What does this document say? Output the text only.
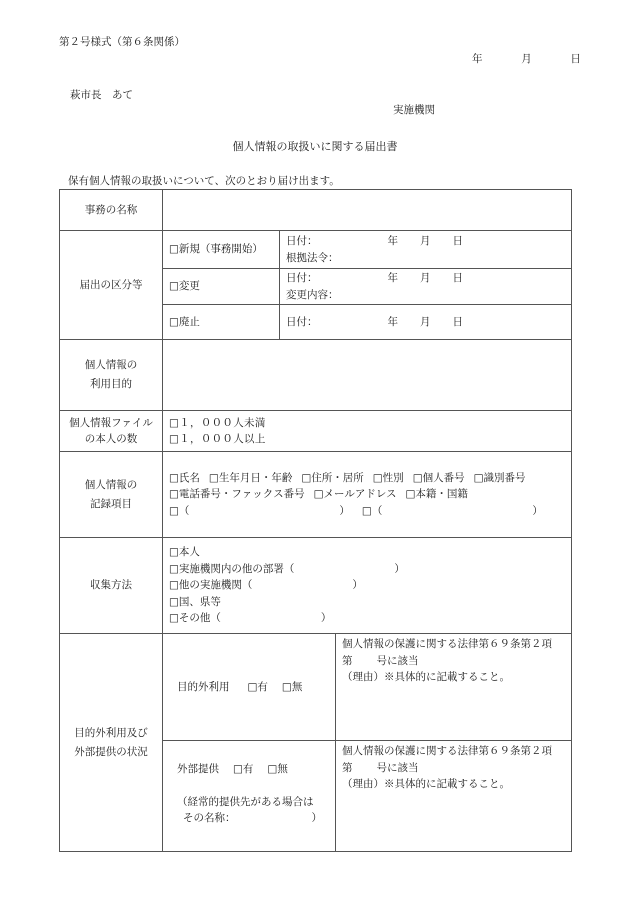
第２号様式（第６条関係）
年	月	日
萩市長　あて
実施機関
個人情報の取扱いに関する届出書
保有個人情報の取扱いについて、次のとおり届け出ます。
事務の名称			
届出の区分等	□新規（事務開始）	日付： 年 月 日
根拠法令：	

	□変更	日付： 年 月 日
変更内容：	

	□廃止	日付： 年 月 日	

個人情報の
利用目的			

個人情報ファイル
の本人の数	□１，０００人未満
□１，０００人以上		

個人情報の
記録項目	□氏名 □生年月日・年齢 □住所・居所 □性別 □個人番号 □識別番号
□電話番号・ファックス番号 □メールアドレス □本籍・国籍
□（ ） □（ ）		

収集方法	□本人
□実施機関内の他の部署（ ）
□他の実施機関（ ）
□国、県等
□その他（ ）		

目的外利用及び
外部提供の状況	目的外利用 □有 □無		個人情報の保護に関する法律第６９条第２項
第 号に該当
（理由）※具体的に記載すること。

	外部提供 □有 □無
（経常的提供先がある場合は
その名称： ）		個人情報の保護に関する法律第６９条第２項
第 号に該当
（理由）※具体的に記載すること。
